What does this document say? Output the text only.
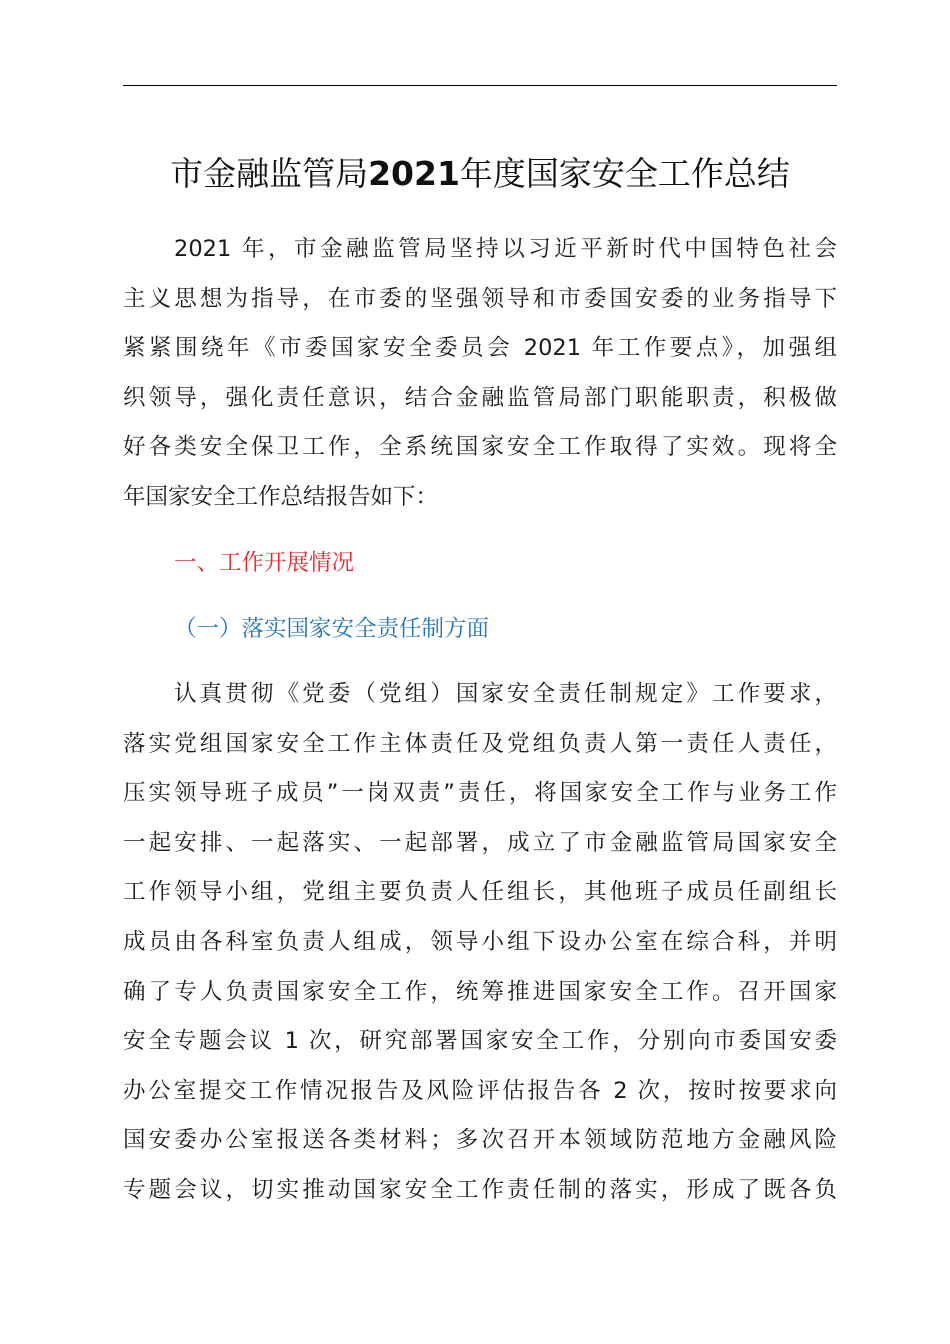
市金融监管局2021年度国家安全工作总结

2021 年，市金融监管局坚持以习近平新时代中国特色社会
主义思想为指导，在市委的坚强领导和市委国安委的业务指导下
紧紧围绕年《市委国家安全委员会 2021 年工作要点》，加强组
织领导，强化责任意识，结合金融监管局部门职能职责，积极做
好各类安全保卫工作，全系统国家安全工作取得了实效。现将全
年国家安全工作总结报告如下：

一、工作开展情况
（一）落实国家安全责任制方面

认真贯彻《党委（党组）国家安全责任制规定》工作要求，
落实党组国家安全工作主体责任及党组负责人第一责任人责任，
压实领导班子成员”一岗双责”责任，将国家安全工作与业务工作
一起安排、一起落实、一起部署，成立了市金融监管局国家安全
工作领导小组，党组主要负责人任组长，其他班子成员任副组长
成员由各科室负责人组成，领导小组下设办公室在综合科，并明
确了专人负责国家安全工作，统筹推进国家安全工作。召开国家
安全专题会议 1 次，研究部署国家安全工作，分别向市委国安委
办公室提交工作情况报告及风险评估报告各 2 次，按时按要求向
国安委办公室报送各类材料；多次召开本领域防范地方金融风险
专题会议，切实推动国家安全工作责任制的落实，形成了既各负
